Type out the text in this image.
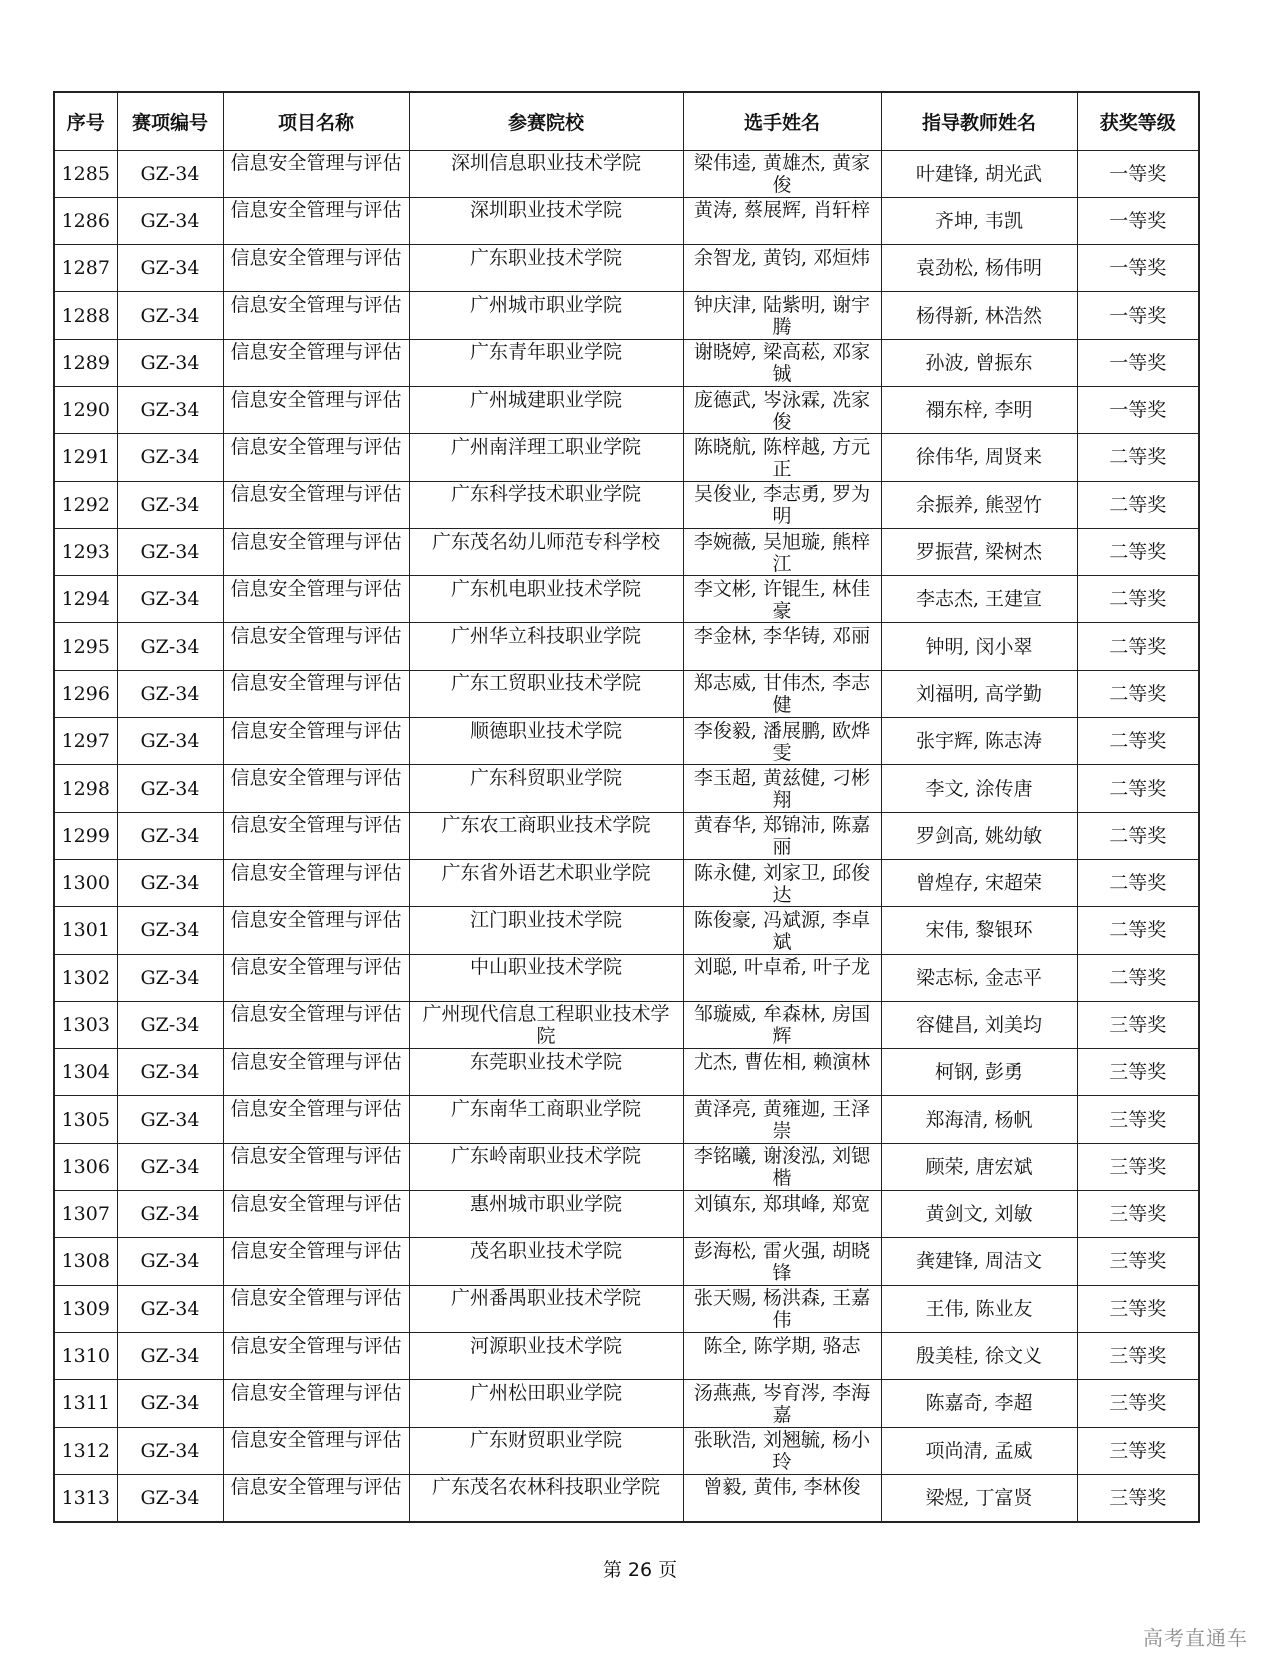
序号	赛项编号	项目名称	参赛院校	选手姓名	指导教师姓名	获奖等级

1285	GZ-34	信息安全管理与评估	深圳信息职业技术学院	梁伟逵, 黄雄杰, 黄家俊	叶建锋, 胡光武	一等奖

1286	GZ-34	信息安全管理与评估	深圳职业技术学院	黄涛, 蔡展辉, 肖轩梓	齐坤, 韦凯	一等奖

1287	GZ-34	信息安全管理与评估	广东职业技术学院	余智龙, 黄钧, 邓烜炜	袁劲松, 杨伟明	一等奖

1288	GZ-34	信息安全管理与评估	广州城市职业学院	钟庆津, 陆紫明, 谢宇腾	杨得新, 林浩然	一等奖

1289	GZ-34	信息安全管理与评估	广东青年职业学院	谢晓婷, 梁高菘, 邓家铖	孙波, 曾振东	一等奖

1290	GZ-34	信息安全管理与评估	广州城建职业学院	庞德武, 岑泳霖, 冼家俊	禤东梓, 李明	一等奖

1291	GZ-34	信息安全管理与评估	广州南洋理工职业学院	陈晓航, 陈梓越, 方元正	徐伟华, 周贤来	二等奖

1292	GZ-34	信息安全管理与评估	广东科学技术职业学院	吴俊业, 李志勇, 罗为明	余振养, 熊翌竹	二等奖

1293	GZ-34	信息安全管理与评估	广东茂名幼儿师范专科学校	李婉薇, 吴旭璇, 熊梓江	罗振营, 梁树杰	二等奖

1294	GZ-34	信息安全管理与评估	广东机电职业技术学院	李文彬, 许锟生, 林佳豪	李志杰, 王建宣	二等奖

1295	GZ-34	信息安全管理与评估	广州华立科技职业学院	李金林, 李华铸, 邓丽	钟明, 闵小翠	二等奖

1296	GZ-34	信息安全管理与评估	广东工贸职业技术学院	郑志威, 甘伟杰, 李志健	刘福明, 高学勤	二等奖

1297	GZ-34	信息安全管理与评估	顺德职业技术学院	李俊毅, 潘展鹏, 欧烨雯	张宇辉, 陈志涛	二等奖

1298	GZ-34	信息安全管理与评估	广东科贸职业学院	李玉超, 黄兹健, 刁彬翔	李文, 涂传唐	二等奖

1299	GZ-34	信息安全管理与评估	广东农工商职业技术学院	黄春华, 郑锦沛, 陈嘉丽	罗剑高, 姚幼敏	二等奖

1300	GZ-34	信息安全管理与评估	广东省外语艺术职业学院	陈永健, 刘家卫, 邱俊达	曾煌存, 宋超荣	二等奖

1301	GZ-34	信息安全管理与评估	江门职业技术学院	陈俊豪, 冯斌源, 李卓斌	宋伟, 黎银环	二等奖

1302	GZ-34	信息安全管理与评估	中山职业技术学院	刘聪, 叶卓希, 叶子龙	梁志标, 金志平	二等奖

1303	GZ-34	信息安全管理与评估	广州现代信息工程职业技术学院	邹璇威, 牟森林, 房国辉	容健昌, 刘美均	三等奖

1304	GZ-34	信息安全管理与评估	东莞职业技术学院	尤杰, 曹佐相, 赖演林	柯钢, 彭勇	三等奖

1305	GZ-34	信息安全管理与评估	广东南华工商职业学院	黄泽亮, 黄雍迦, 王泽崇	郑海清, 杨帆	三等奖

1306	GZ-34	信息安全管理与评估	广东岭南职业技术学院	李铭曦, 谢浚泓, 刘锶楷	顾荣, 唐宏斌	三等奖

1307	GZ-34	信息安全管理与评估	惠州城市职业学院	刘镇东, 郑琪峰, 郑宽	黄剑文, 刘敏	三等奖

1308	GZ-34	信息安全管理与评估	茂名职业技术学院	彭海松, 雷火强, 胡晓锋	龚建锋, 周洁文	三等奖

1309	GZ-34	信息安全管理与评估	广州番禺职业技术学院	张天赐, 杨洪森, 王嘉伟	王伟, 陈业友	三等奖

1310	GZ-34	信息安全管理与评估	河源职业技术学院	陈全, 陈学期, 骆志	殷美桂, 徐文义	三等奖

1311	GZ-34	信息安全管理与评估	广州松田职业学院	汤燕燕, 岑育涔, 李海嘉	陈嘉奇, 李超	三等奖

1312	GZ-34	信息安全管理与评估	广东财贸职业学院	张耿浩, 刘翘毓, 杨小玲	项尚清, 孟威	三等奖

1313	GZ-34	信息安全管理与评估	广东茂名农林科技职业学院	曾毅, 黄伟, 李林俊	梁煜, 丁富贤	三等奖
第 26 页
高考直通车
